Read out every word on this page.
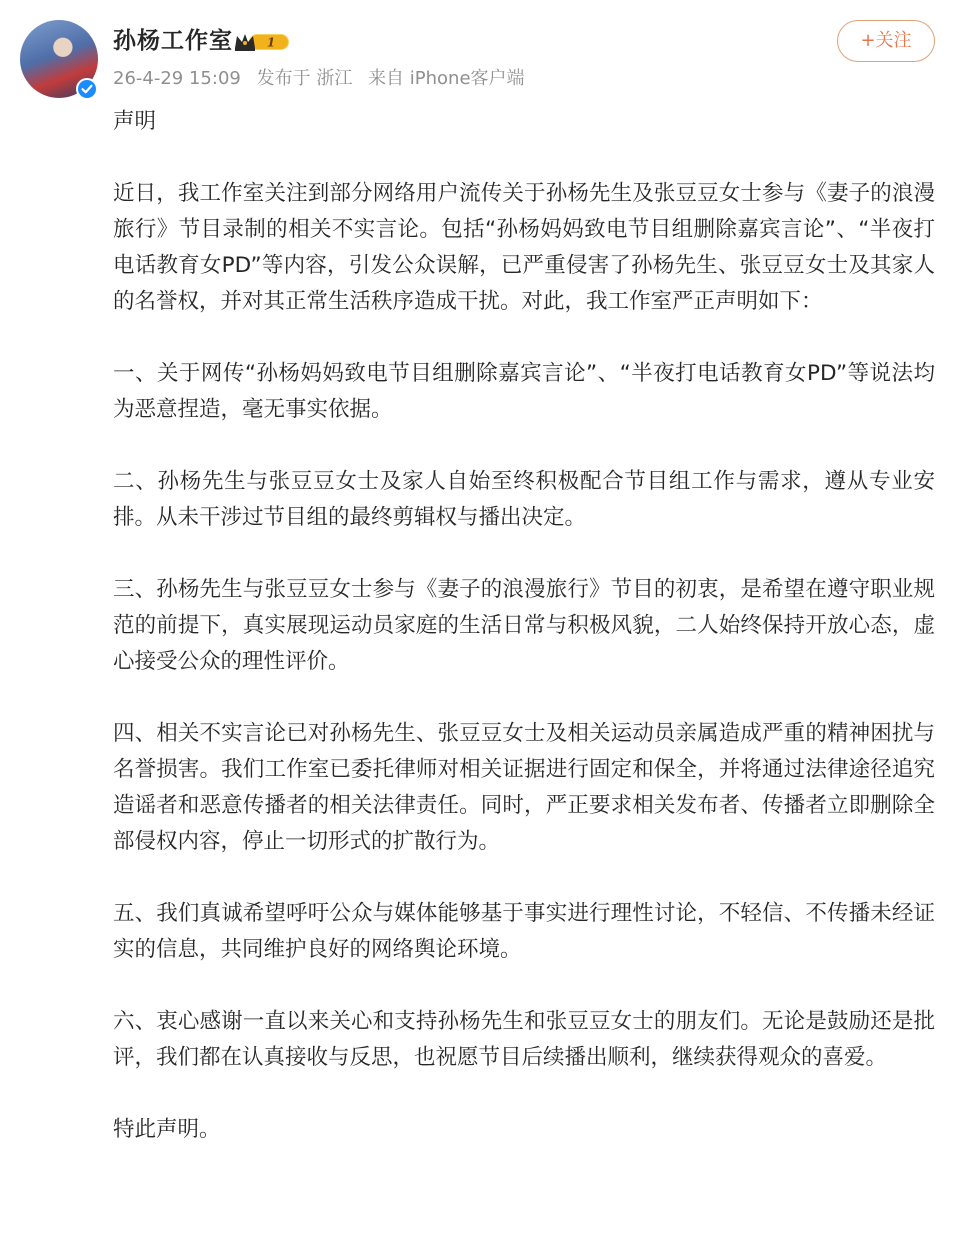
孙杨工作室	1
26-4-29 15:09 发布于 浙江 来自 iPhone客户端
+关注

声明

近日，我工作室关注到部分网络用户流传关于孙杨先生及张豆豆女士参与《妻子的浪漫旅行》节目录制的相关不实言论。包括“孙杨妈妈致电节目组删除嘉宾言论”、“半夜打电话教育女PD”等内容，引发公众误解，已严重侵害了孙杨先生、张豆豆女士及其家人的名誉权，并对其正常生活秩序造成干扰。对此，我工作室严正声明如下：

一、关于网传“孙杨妈妈致电节目组删除嘉宾言论”、“半夜打电话教育女PD”等说法均为恶意捏造，毫无事实依据。

二、孙杨先生与张豆豆女士及家人自始至终积极配合节目组工作与需求，遵从专业安排。从未干涉过节目组的最终剪辑权与播出决定。

三、孙杨先生与张豆豆女士参与《妻子的浪漫旅行》节目的初衷，是希望在遵守职业规范的前提下，真实展现运动员家庭的生活日常与积极风貌，二人始终保持开放心态，虚心接受公众的理性评价。

四、相关不实言论已对孙杨先生、张豆豆女士及相关运动员亲属造成严重的精神困扰与名誉损害。我们工作室已委托律师对相关证据进行固定和保全，并将通过法律途径追究造谣者和恶意传播者的相关法律责任。同时，严正要求相关发布者、传播者立即删除全部侵权内容，停止一切形式的扩散行为。

五、我们真诚希望呼吁公众与媒体能够基于事实进行理性讨论，不轻信、不传播未经证实的信息，共同维护良好的网络舆论环境。

六、衷心感谢一直以来关心和支持孙杨先生和张豆豆女士的朋友们。无论是鼓励还是批评，我们都在认真接收与反思，也祝愿节目后续播出顺利，继续获得观众的喜爱。

特此声明。
